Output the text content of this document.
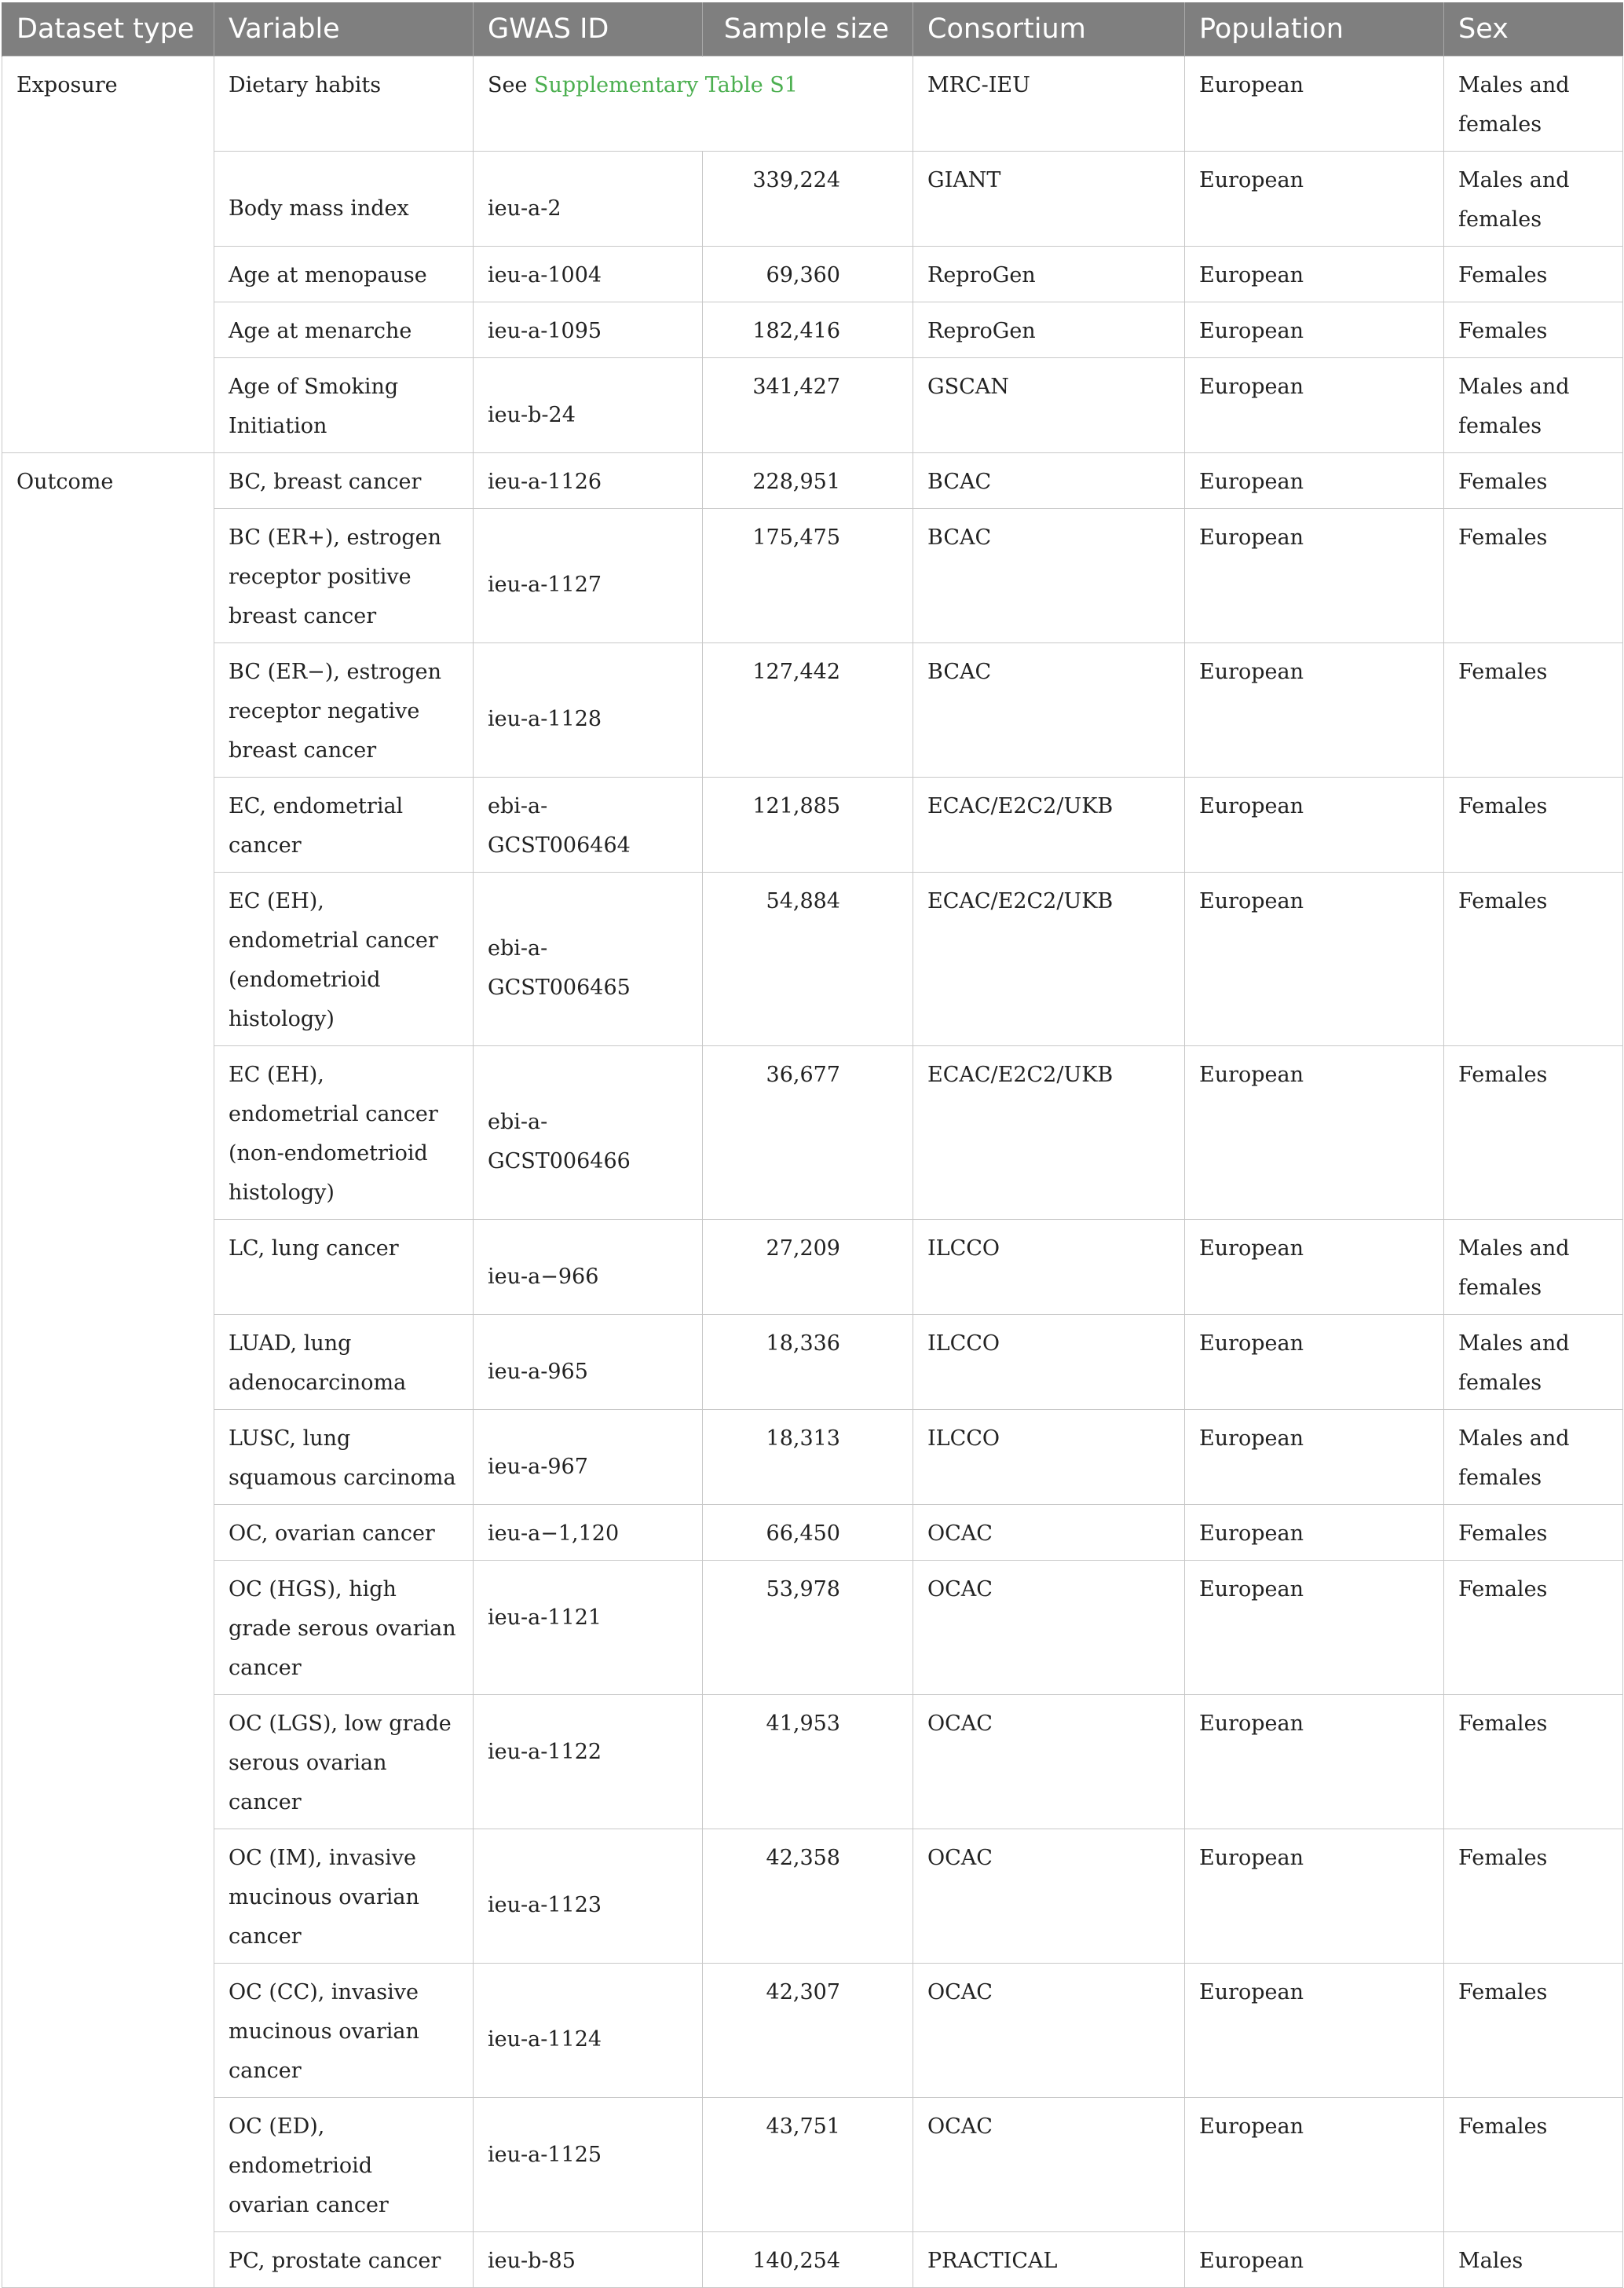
Dataset type	Variable	GWAS ID	Sample size	Consortium	Population	Sex
Exposure	Dietary habits	See Supplementary Table S1		MRC-IEU	European	Males and females

	Body mass index	ieu-a-2	339,224	GIANT	European	Males and females
	Age at menopause	ieu-a-1004	69,360	ReproGen	European	Females
	Age at menarche	ieu-a-1095	182,416	ReproGen	European	Females
	Age of Smoking Initiation	ieu-b-24	341,427	GSCAN	European	Males and females
Outcome	BC, breast cancer	ieu-a-1126	228,951	BCAC	European	Females
	BC (ER+), estrogen receptor positive breast cancer	ieu-a-1127	175,475	BCAC	European	Females
	BC (ER−), estrogen receptor negative breast cancer	ieu-a-1128	127,442	BCAC	European	Females
	EC, endometrial cancer	ebi-a-GCST006464	121,885	ECAC/E2C2/UKB	European	Females
	EC (EH), endometrial cancer (endometrioid histology)	ebi-a-GCST006465	54,884	ECAC/E2C2/UKB	European	Females
	EC (EH), endometrial cancer (non-endometrioid histology)	ebi-a-GCST006466	36,677	ECAC/E2C2/UKB	European	Females
	LC, lung cancer	ieu-a−966	27,209	ILCCO	European	Males and females
	LUAD, lung adenocarcinoma	ieu-a-965	18,336	ILCCO	European	Males and females
	LUSC, lung squamous carcinoma	ieu-a-967	18,313	ILCCO	European	Males and females
	OC, ovarian cancer	ieu-a−1,120	66,450	OCAC	European	Females
	OC (HGS), high grade serous ovarian cancer	ieu-a-1121	53,978	OCAC	European	Females
	OC (LGS), low grade serous ovarian cancer	ieu-a-1122	41,953	OCAC	European	Females
	OC (IM), invasive mucinous ovarian cancer	ieu-a-1123	42,358	OCAC	European	Females
	OC (CC), invasive mucinous ovarian cancer	ieu-a-1124	42,307	OCAC	European	Females
	OC (ED), endometrioid ovarian cancer	ieu-a-1125	43,751	OCAC	European	Females
	PC, prostate cancer	ieu-b-85	140,254	PRACTICAL	European	Males
